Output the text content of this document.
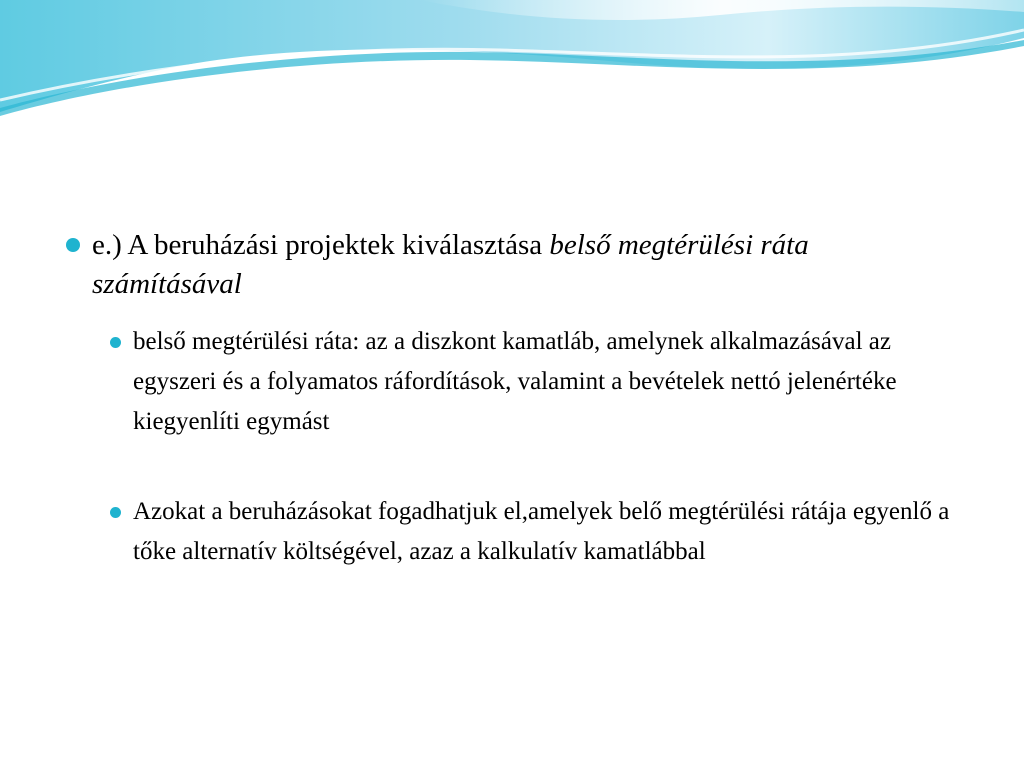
e.) A beruházási projektek kiválasztása belső megtérülési ráta számításával
belső megtérülési ráta: az a diszkont kamatláb, amelynek alkalmazásával az egyszeri és a folyamatos ráfordítások, valamint a bevételek nettó jelenértéke kiegyenlíti egymást
Azokat a beruházásokat fogadhatjuk el,amelyek belő megtérülési rátája egyenlő a tőke alternatív költségével, azaz a kalkulatív kamatlábbal
